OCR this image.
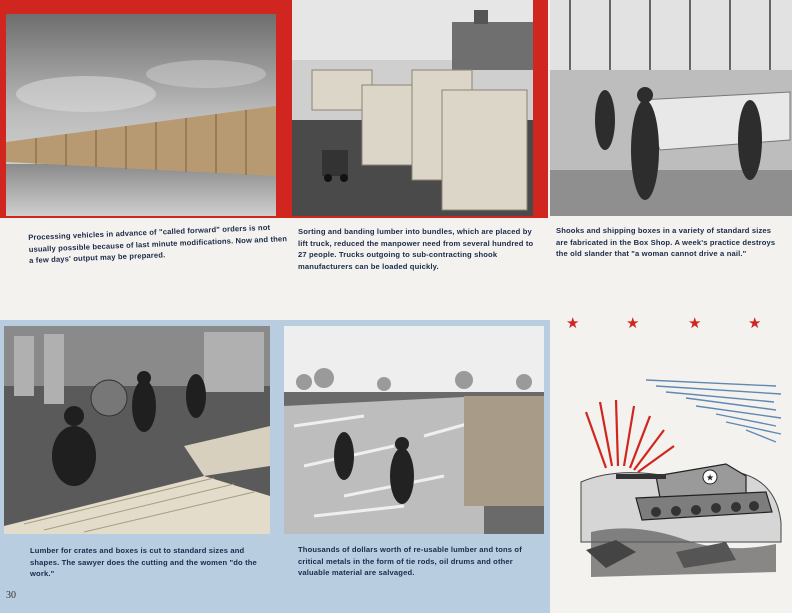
Processing vehicles in advance of "called forward" orders is not usually possible because of last minute modifications. Now and then a few days' output may be prepared.

Sorting and banding lumber into bundles, which are placed by lift truck, reduced the manpower need from several hundred to 27 people. Trucks outgoing to sub-contracting shook manufacturers can be loaded quickly.

Shooks and shipping boxes in a variety of standard sizes are fabricated in the Box Shop. A week's practice destroys the old slander that "a woman cannot drive a nail."

Lumber for crates and boxes is cut to standard sizes and shapes. The sawyer does the cutting and the women "do the work."

Thousands of dollars worth of re-usable lumber and tons of critical metals in the form of tie rods, oil drums and other valuable material are salvaged.

★	★	★	★
★
30
